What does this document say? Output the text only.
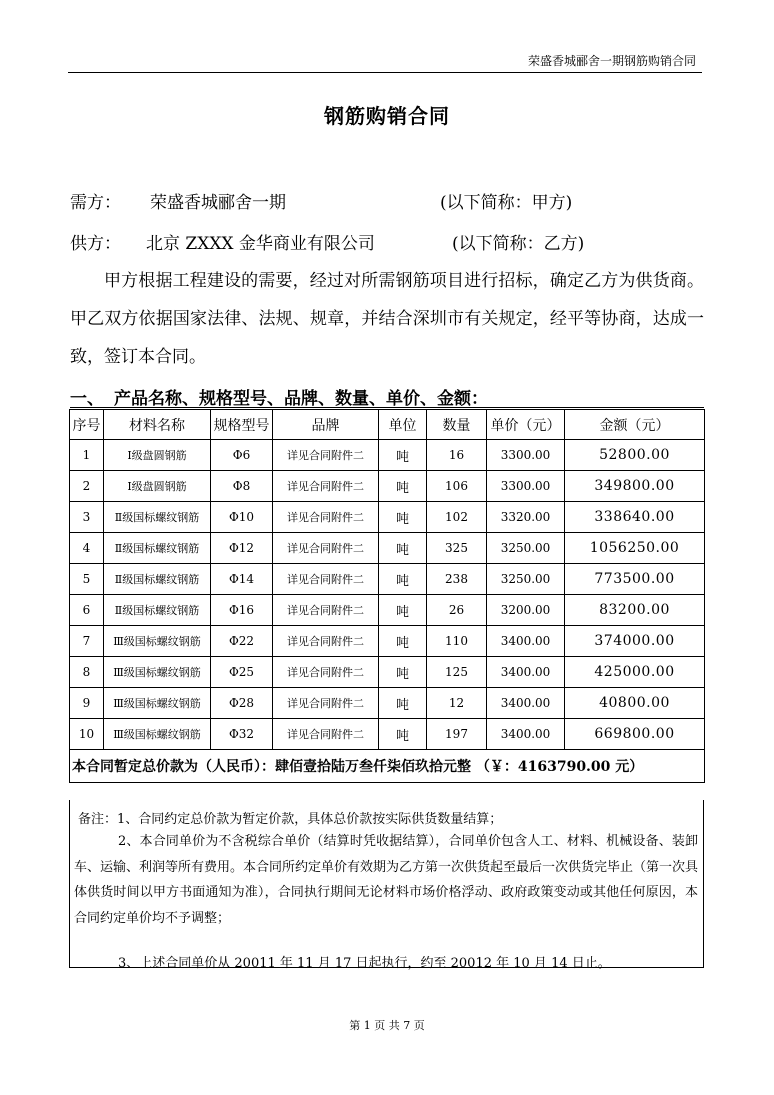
荣盛香城郦舍一期钢筋购销合同
钢筋购销合同
需方： 荣盛香城郦舍一期	(以下简称：甲方)
供方： 北京 ZXXX 金华商业有限公司	(以下简称：乙方)
甲方根据工程建设的需要，经过对所需钢筋项目进行招标，确定乙方为供货商。甲乙双方依据国家法律、法规、规章，并结合深圳市有关规定，经平等协商，达成一致，签订本合同。
一、 产品名称、规格型号、品牌、数量、单价、金额：
序号	材料名称	规格型号	品牌	单位	数量	单价（元）	金额（元）
1	Ⅰ级盘圆钢筋	Φ6	详见合同附件二	吨	16	3300.00	52800.00
2	Ⅰ级盘圆钢筋	Φ8	详见合同附件二	吨	106	3300.00	349800.00
3	Ⅱ级国标螺纹钢筋	Φ10	详见合同附件二	吨	102	3320.00	338640.00
4	Ⅱ级国标螺纹钢筋	Φ12	详见合同附件二	吨	325	3250.00	1056250.00
5	Ⅱ级国标螺纹钢筋	Φ14	详见合同附件二	吨	238	3250.00	773500.00
6	Ⅱ级国标螺纹钢筋	Φ16	详见合同附件二	吨	26	3200.00	83200.00
7	Ⅲ级国标螺纹钢筋	Φ22	详见合同附件二	吨	110	3400.00	374000.00
8	Ⅲ级国标螺纹钢筋	Φ25	详见合同附件二	吨	125	3400.00	425000.00
9	Ⅲ级国标螺纹钢筋	Φ28	详见合同附件二	吨	12	3400.00	40800.00
10	Ⅲ级国标螺纹钢筋	Φ32	详见合同附件二	吨	197	3400.00	669800.00
本合同暂定总价款为（人民币）：肆佰壹拾陆万叁仟柒佰玖拾元整 （￥：4163790.00 元）							
备注：1、合同约定总价款为暂定价款，具体总价款按实际供货数量结算；
2、本合同单价为不含税综合单价（结算时凭收据结算），合同单价包含人工、材料、机械设备、装卸车、运输、利润等所有费用。本合同所约定单价有效期为乙方第一次供货起至最后一次供货完毕止（第一次具体供货时间以甲方书面通知为准），合同执行期间无论材料市场价格浮动、政府政策变动或其他任何原因，本合同约定单价均不予调整；
3、上述合同单价从 20011 年 11 月 17 日起执行，约至 20012 年 10 月 14 日止。
第 1 页 共 7 页
